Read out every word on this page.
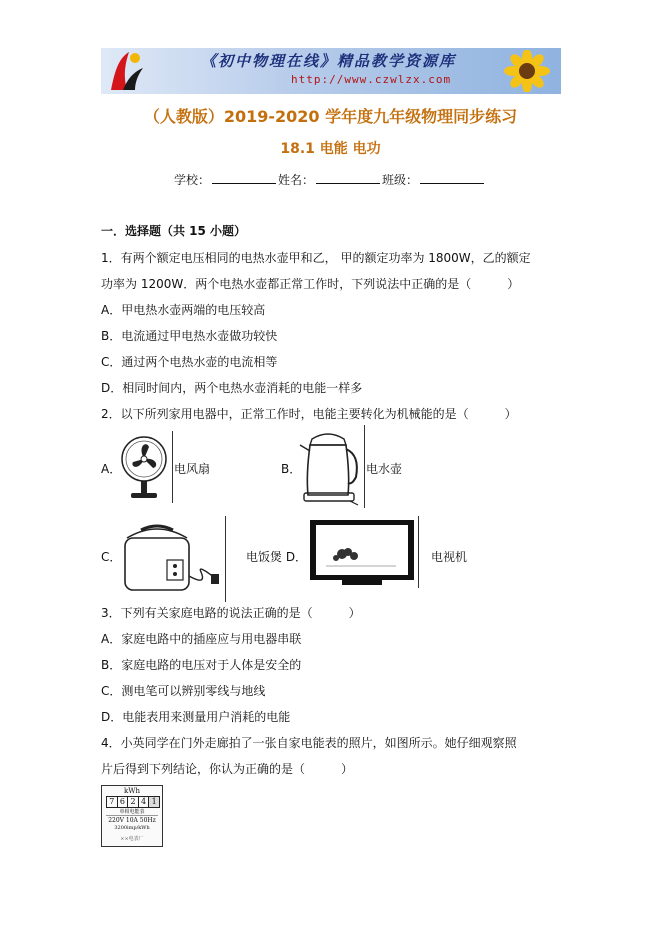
《初中物理在线》精品教学资源库
http://www.czwlzx.com
（人教版）2019-2020 学年度九年级物理同步练习
18.1 电能 电功
学校：	姓名：	班级：
一．选择题（共 15 小题）
1．有两个额定电压相同的电热水壶甲和乙， 甲的额定功率为 1800W，乙的额定
功率为 1200W．两个电热水壶都正常工作时，下列说法中正确的是（　　　）
A．甲电热水壶两端的电压较高
B．电流通过甲电热水壶做功较快
C．通过两个电热水壶的电流相等
D．相同时间内，两个电热水壶消耗的电能一样多
2．以下所列家用电器中，正常工作时，电能主要转化为机械能的是（　　　）
A．	电风扇	B．	电水壶
C．	电饭煲 D．	电视机
3．下列有关家庭电路的说法正确的是（　　　）
A．家庭电路中的插座应与用电器串联
B．家庭电路的电压对于人体是安全的
C．测电笔可以辨别零线与地线
D．电能表用来测量用户消耗的电能
4．小英同学在门外走廊拍了一张自家电能表的照片，如图所示。她仔细观察照
片后得到下列结论，你认为正确的是（　　　）
kWh
7 6 2 4 1
单相电能表
220V 10A 50Hz
3200imp/kWh
××电表厂
